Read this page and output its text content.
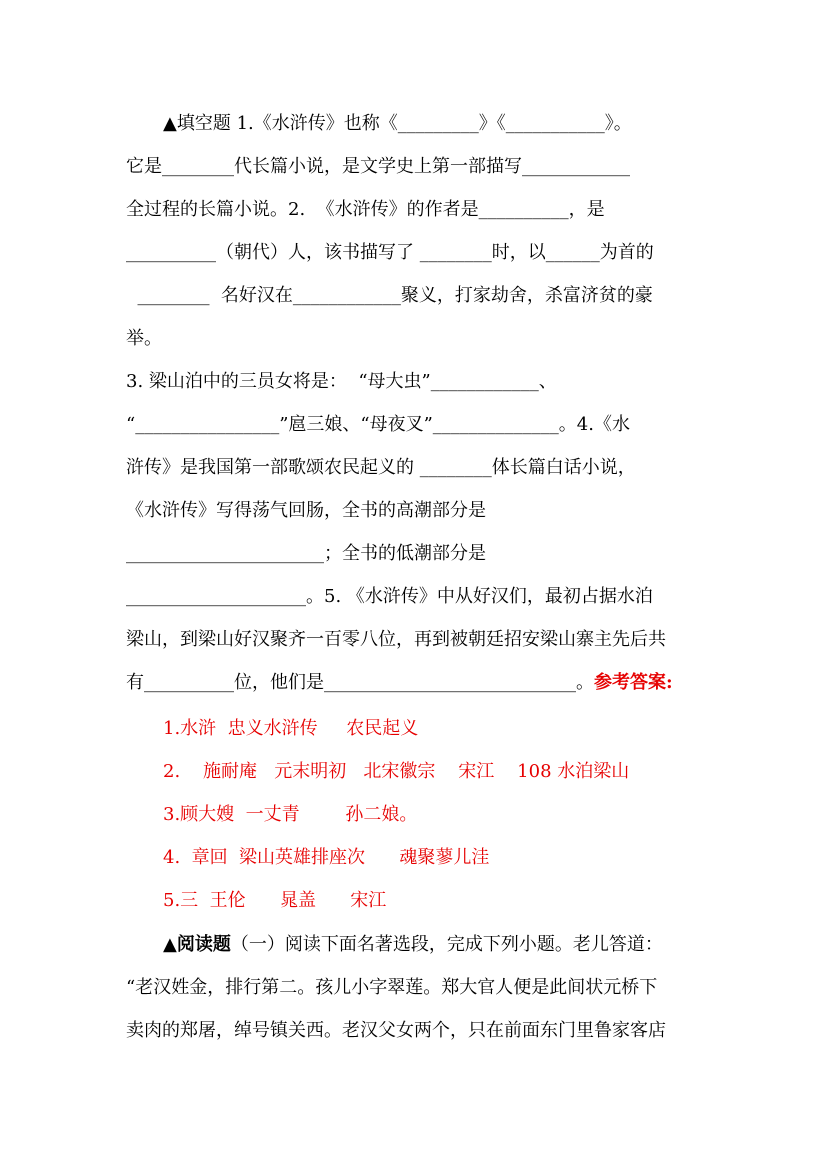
▲填空题 1.《水浒传》也称《_________》《___________》。
它是________代长篇小说，是文学史上第一部描写____________
全过程的长篇小说。2.  《水浒传》的作者是__________，是
__________（朝代）人，该书描写了 ________时，以______为首的
________  名好汉在____________聚义，打家劫舍，杀富济贫的豪
举。
3. 梁山泊中的三员女将是：  “母大虫”____________、
“________________”扈三娘、“母夜叉”______________。4.《水
浒传》是我国第一部歌颂农民起义的 ________体长篇白话小说，
《水浒传》写得荡气回肠，全书的高潮部分是
______________________；全书的低潮部分是
____________________。5. 《水浒传》中从好汉们，最初占据水泊
梁山，到梁山好汉聚齐一百零八位，再到被朝廷招安梁山寨主先后共
有__________位，他们是____________________________。参考答案:
1.水浒  忠义水浒传     农民起义
2.    施耐庵   元末明初   北宋徽宗    宋江    108 水泊梁山
3.顾大嫂  一丈青        孙二娘。
4.  章回  梁山英雄排座次      魂聚蓼儿洼
5.三  王伦      晁盖      宋江
▲阅读题（一）阅读下面名著选段，完成下列小题。老儿答道：
“老汉姓金，排行第二。孩儿小字翠莲。郑大官人便是此间状元桥下
卖肉的郑屠，绰号镇关西。老汉父女两个，只在前面东门里鲁家客店
